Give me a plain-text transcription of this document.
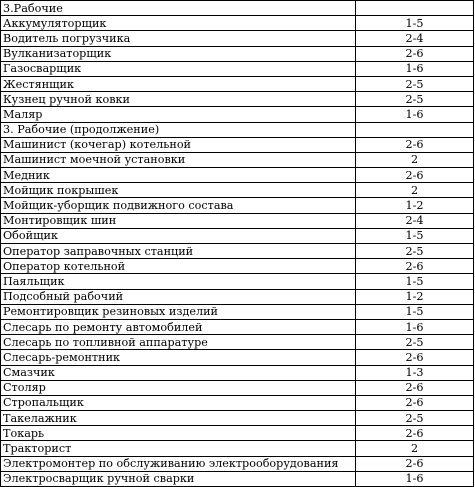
3.Рабочие	
Аккумуляторщик	1-5
Водитель погрузчика	2-4
Вулканизаторщик	2-6
Газосварщик	1-6
Жестянщик	2-5
Кузнец ручной ковки	2-5
Маляр	1-6
3. Рабочие (продолжение)	
Машинист (кочегар) котельной	2-6
Машинист моечной установки	2
Медник	2-6
Мойщик покрышек	2
Мойщик-уборщик подвижного состава	1-2
Монтировщик шин	2-4
Обойщик	1-5
Оператор заправочных станций	2-5
Оператор котельной	2-6
Паяльщик	1-5
Подсобный рабочий	1-2
Ремонтировщик резиновых изделий	1-5
Слесарь по ремонту автомобилей	1-6
Слесарь по топливной аппаратуре	2-5
Слесарь-ремонтник	2-6
Смазчик	1-3
Столяр	2-6
Стропальщик	2-6
Такелажник	2-5
Токарь	2-6
Тракторист	2
Электромонтер по обслуживанию электрооборудования	2-6
Электросварщик ручной сварки	1-6
